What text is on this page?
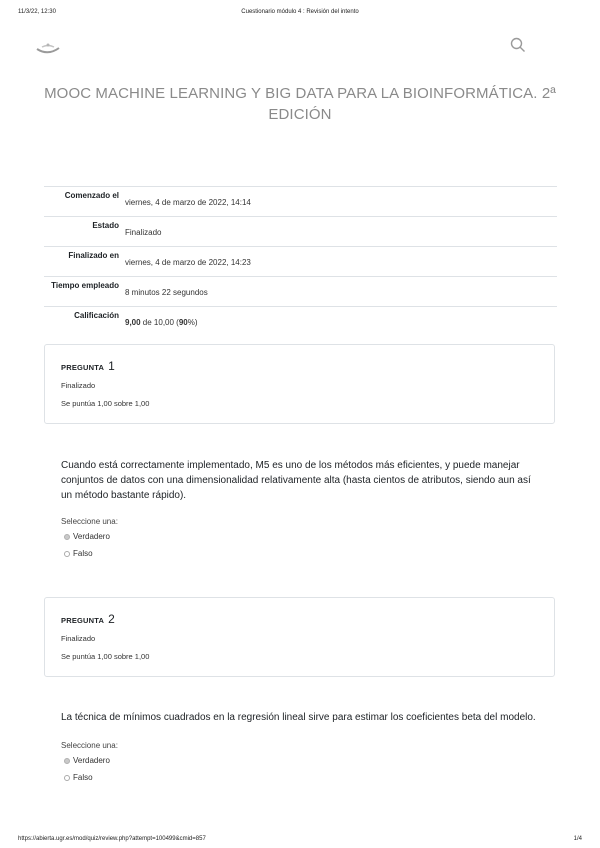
11/3/22, 12:30	Cuestionario módulo 4 : Revisión del intento
MOOC MACHINE LEARNING Y BIG DATA PARA LA BIOINFORMÁTICA. 2ª EDICIÓN
Comenzado el	viernes, 4 de marzo de 2022, 14:14
Estado	Finalizado
Finalizado en	viernes, 4 de marzo de 2022, 14:23
Tiempo empleado	8 minutos 22 segundos
Calificación	9,00 de 10,00 (90%)
PREGUNTA 1
Finalizado
Se puntúa 1,00 sobre 1,00
Cuando está correctamente implementado, M5 es uno de los métodos más eficientes, y puede manejar conjuntos de datos con una dimensionalidad relativamente alta (hasta cientos de atributos, siendo aun así un método bastante rápido).
Seleccione una:
Verdadero
Falso
PREGUNTA 2
Finalizado
Se puntúa 1,00 sobre 1,00
La técnica de mínimos cuadrados en la regresión lineal sirve para estimar los coeficientes beta del modelo.
Seleccione una:
Verdadero
Falso
https://abierta.ugr.es/mod/quiz/review.php?attempt=100499&cmid=857	1/4
